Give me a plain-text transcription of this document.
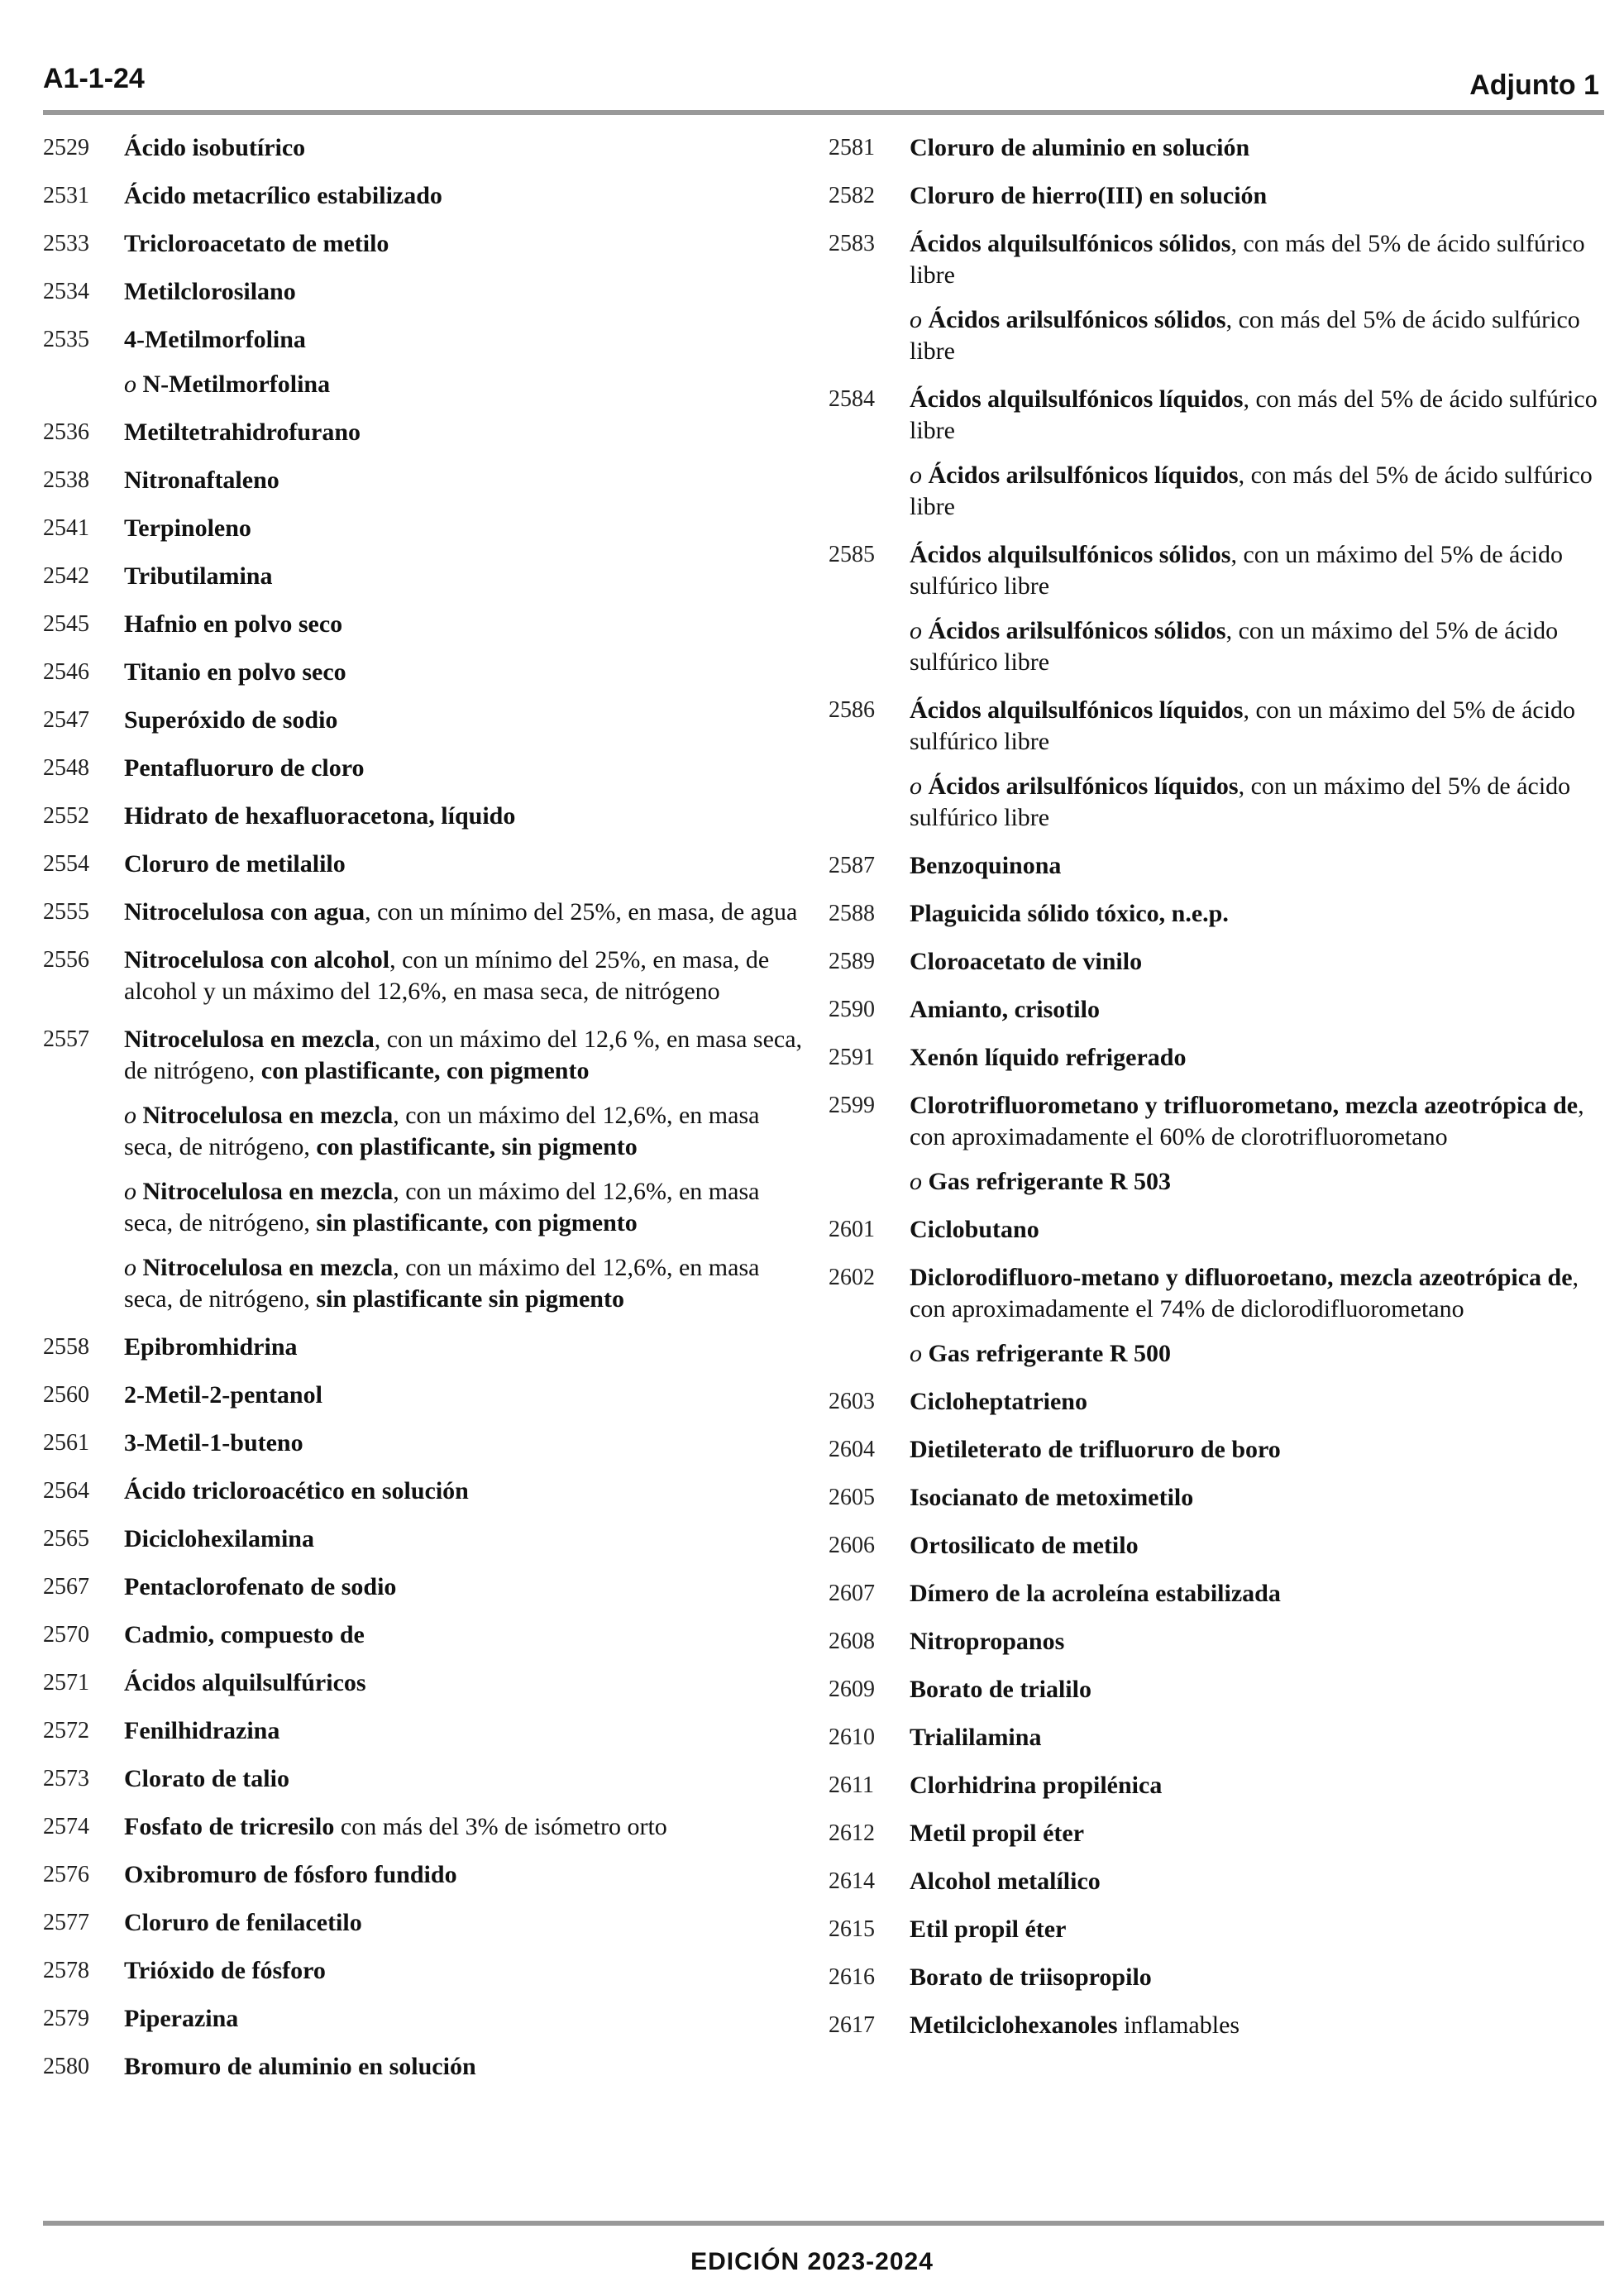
A1-1-24	Adjunto 1
2529	Ácido isobutírico
2531	Ácido metacrílico estabilizado
2533	Tricloroacetato de metilo
2534	Metilclorosilano
2535	4-Metilmorfolina
o N-Metilmorfolina
2536	Metiltetrahidrofurano
2538	Nitronaftaleno
2541	Terpinoleno
2542	Tributilamina
2545	Hafnio en polvo seco
2546	Titanio en polvo seco
2547	Superóxido de sodio
2548	Pentafluoruro de cloro
2552	Hidrato de hexafluoracetona, líquido
2554	Cloruro de metilalilo
2555	Nitrocelulosa con agua, con un mínimo del 25%, en masa, de agua
2556	Nitrocelulosa con alcohol, con un mínimo del 25%, en masa, de alcohol y un máximo del 12,6%, en masa seca, de nitrógeno
2557	Nitrocelulosa en mezcla, con un máximo del 12,6 %, en masa seca, de nitrógeno, con plastificante, con pigmento
o Nitrocelulosa en mezcla, con un máximo del 12,6%, en masa seca, de nitrógeno, con plastificante, sin pigmento
o Nitrocelulosa en mezcla, con un máximo del 12,6%, en masa seca, de nitrógeno, sin plastificante, con pigmento
o Nitrocelulosa en mezcla, con un máximo del 12,6%, en masa seca, de nitrógeno, sin plastificante sin pigmento
2558	Epibromhidrina
2560	2-Metil-2-pentanol
2561	3-Metil-1-buteno
2564	Ácido tricloroacético en solución
2565	Diciclohexilamina
2567	Pentaclorofenato de sodio
2570	Cadmio, compuesto de
2571	Ácidos alquilsulfúricos
2572	Fenilhidrazina
2573	Clorato de talio
2574	Fosfato de tricresilo con más del 3% de isómetro orto
2576	Oxibromuro de fósforo fundido
2577	Cloruro de fenilacetilo
2578	Trióxido de fósforo
2579	Piperazina
2580	Bromuro de aluminio en solución
2581	Cloruro de aluminio en solución
2582	Cloruro de hierro(III) en solución
2583	Ácidos alquilsulfónicos sólidos, con más del 5% de ácido sulfúrico libre
o Ácidos arilsulfónicos sólidos, con más del 5% de ácido sulfúrico libre
2584	Ácidos alquilsulfónicos líquidos, con más del 5% de ácido sulfúrico libre
o Ácidos arilsulfónicos líquidos, con más del 5% de ácido sulfúrico libre
2585	Ácidos alquilsulfónicos sólidos, con un máximo del 5% de ácido sulfúrico libre
o Ácidos arilsulfónicos sólidos, con un máximo del 5% de ácido sulfúrico libre
2586	Ácidos alquilsulfónicos líquidos, con un máximo del 5% de ácido sulfúrico libre
o Ácidos arilsulfónicos líquidos, con un máximo del 5% de ácido sulfúrico libre
2587	Benzoquinona
2588	Plaguicida sólido tóxico, n.e.p.
2589	Cloroacetato de vinilo
2590	Amianto, crisotilo
2591	Xenón líquido refrigerado
2599	Clorotrifluorometano y trifluorometano, mezcla azeotrópica de, con aproximadamente el 60% de clorotrifluorometano
o Gas refrigerante R 503
2601	Ciclobutano
2602	Diclorodifluoro-metano y difluoroetano, mezcla azeotrópica de, con aproximadamente el 74% de diclorodifluorometano
o Gas refrigerante R 500
2603	Cicloheptatrieno
2604	Dietileterato de trifluoruro de boro
2605	Isocianato de metoximetilo
2606	Ortosilicato de metilo
2607	Dímero de la acroleína estabilizada
2608	Nitropropanos
2609	Borato de trialilo
2610	Trialilamina
2611	Clorhidrina propilénica
2612	Metil propil éter
2614	Alcohol metalílico
2615	Etil propil éter
2616	Borato de triisopropilo
2617	Metilciclohexanoles inflamables
EDICIÓN 2023-2024
